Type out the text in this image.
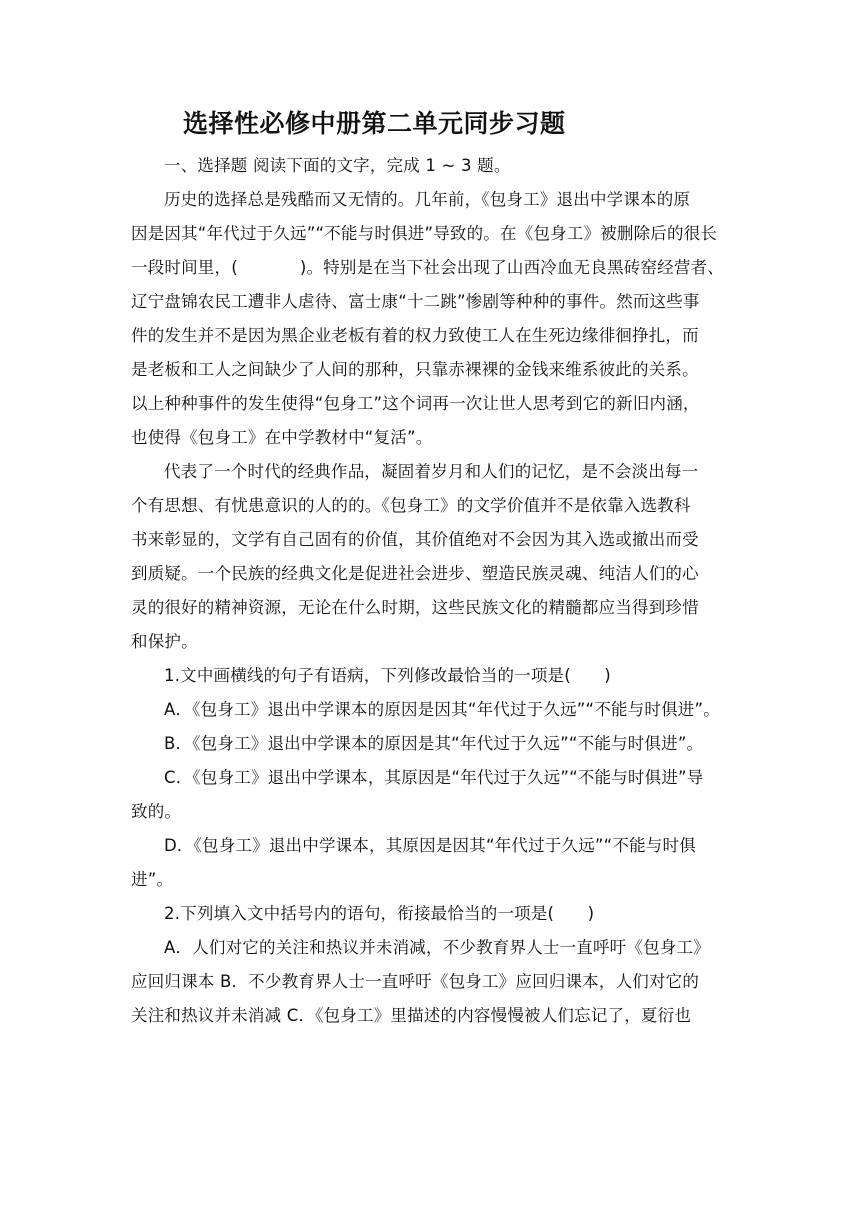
选择性必修中册第二单元同步习题
一、选择题 阅读下面的文字，完成 1 ~ 3 题。
历史的选择总是残酷而又无情的。几年前，《包身工》退出中学课本的原
因是因其“年代过于久远”“不能与时俱进”导致的。在《包身工》被删除后的很长
一段时间里，(	)。特别是在当下社会出现了山西冷血无良黑砖窑经营者、
辽宁盘锦农民工遭非人虐待、富士康“十二跳”惨剧等种种的事件。然而这些事
件的发生并不是因为黑企业老板有着的权力致使工人在生死边缘徘徊挣扎，而
是老板和工人之间缺少了人间的那种，只靠赤裸裸的金钱来维系彼此的关系。
以上种种事件的发生使得“包身工”这个词再一次让世人思考到它的新旧内涵，
也使得《包身工》在中学教材中“复活”。
代表了一个时代的经典作品，凝固着岁月和人们的记忆，是不会淡出每一
个有思想、有忧患意识的人的的。《包身工》的文学价值并不是依靠入选教科
书来彰显的，文学有自己固有的价值，其价值绝对不会因为其入选或撤出而受
到质疑。一个民族的经典文化是促进社会进步、塑造民族灵魂、纯洁人们的心
灵的很好的精神资源，无论在什么时期，这些民族文化的精髓都应当得到珍惜
和保护。
1.文中画横线的句子有语病，下列修改最恰当的一项是(　　)
A．《包身工》退出中学课本的原因是因其“年代过于久远”“不能与时俱进”。
B．《包身工》退出中学课本的原因是其“年代过于久远”“不能与时俱进”。
C．《包身工》退出中学课本，其原因是“年代过于久远”“不能与时俱进”导
致的。
D．《包身工》退出中学课本，其原因是因其“年代过于久远”“不能与时俱
进”。
2.下列填入文中括号内的语句，衔接最恰当的一项是(　　)
A．人们对它的关注和热议并未消减，不少教育界人士一直呼吁《包身工》
应回归课本 B．不少教育界人士一直呼吁《包身工》应回归课本，人们对它的
关注和热议并未消减 C．《包身工》里描述的内容慢慢被人们忘记了，夏衍也
